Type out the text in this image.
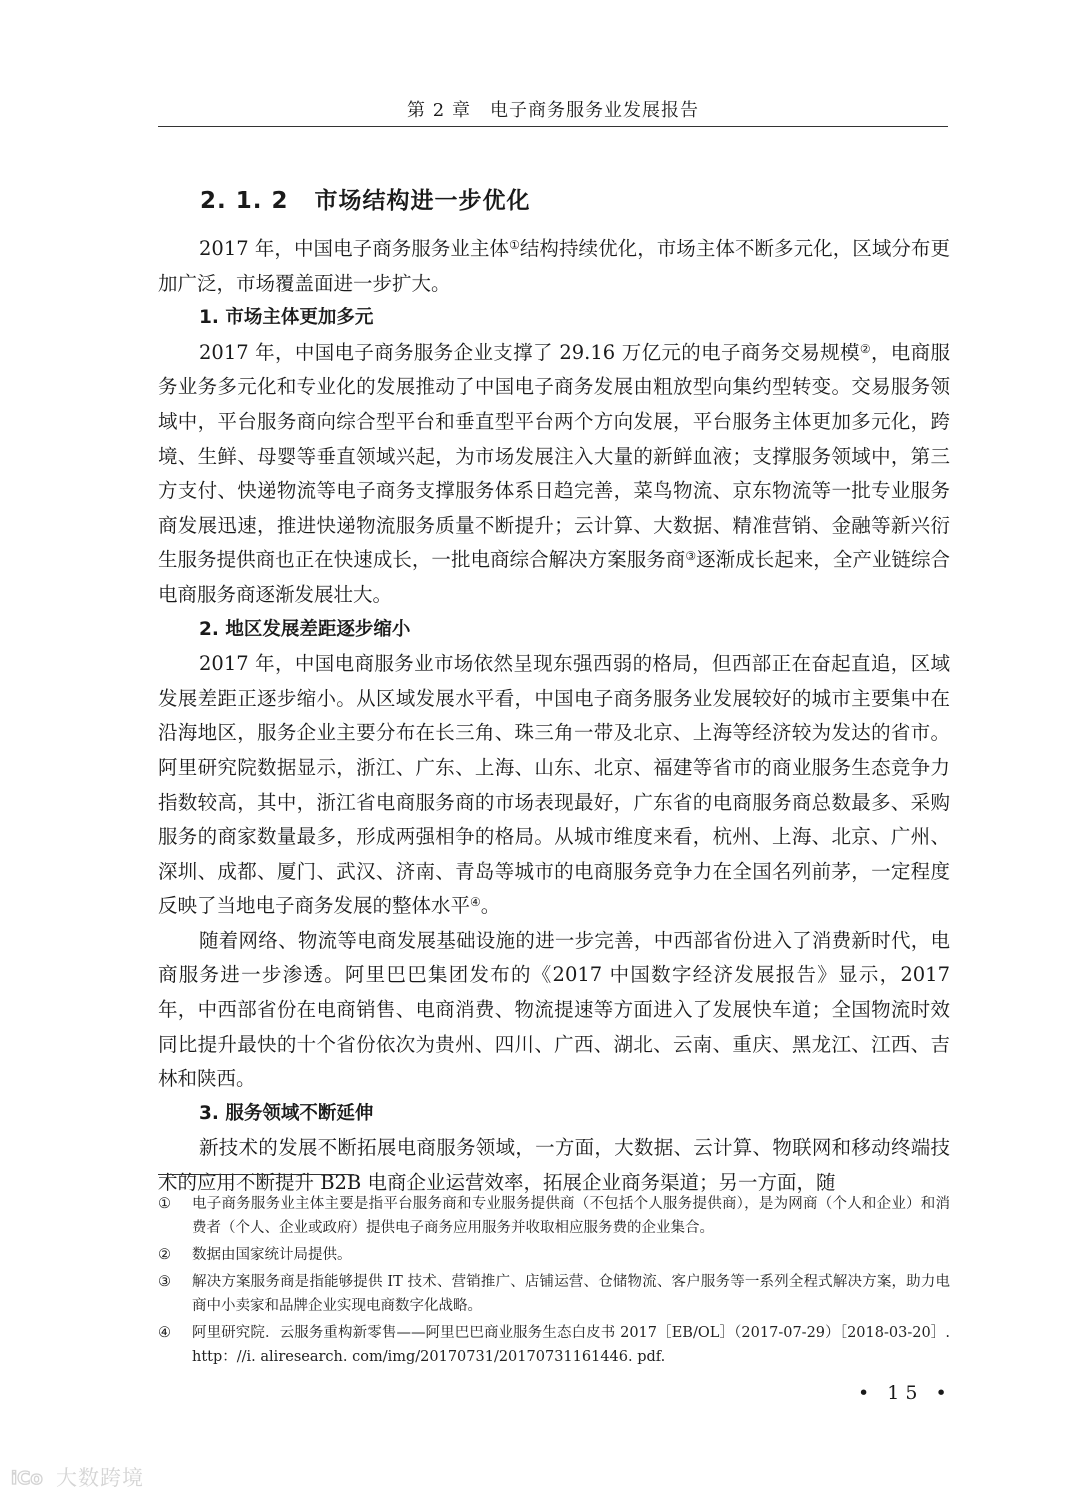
第 2 章　电子商务服务业发展报告
2. 1. 2 市场结构进一步优化

2017 年，中国电子商务服务业主体①结构持续优化，市场主体不断多元化，区域分布更加广泛，市场覆盖面进一步扩大。

1. 市场主体更加多元

2017 年，中国电子商务服务企业支撑了 29.16 万亿元的电子商务交易规模②，电商服务业务多元化和专业化的发展推动了中国电子商务发展由粗放型向集约型转变。交易服务领域中，平台服务商向综合型平台和垂直型平台两个方向发展，平台服务主体更加多元化，跨境、生鲜、母婴等垂直领域兴起，为市场发展注入大量的新鲜血液；支撑服务领域中，第三方支付、快递物流等电子商务支撑服务体系日趋完善，菜鸟物流、京东物流等一批专业服务商发展迅速，推进快递物流服务质量不断提升；云计算、大数据、精准营销、金融等新兴衍生服务提供商也正在快速成长，一批电商综合解决方案服务商③逐渐成长起来，全产业链综合电商服务商逐渐发展壮大。

2. 地区发展差距逐步缩小

2017 年，中国电商服务业市场依然呈现东强西弱的格局，但西部正在奋起直追，区域发展差距正逐步缩小。从区域发展水平看，中国电子商务服务业发展较好的城市主要集中在沿海地区，服务企业主要分布在长三角、珠三角一带及北京、上海等经济较为发达的省市。阿里研究院数据显示，浙江、广东、上海、山东、北京、福建等省市的商业服务生态竞争力指数较高，其中，浙江省电商服务商的市场表现最好，广东省的电商服务商总数最多、采购服务的商家数量最多，形成两强相争的格局。从城市维度来看，杭州、上海、北京、广州、深圳、成都、厦门、武汉、济南、青岛等城市的电商服务竞争力在全国名列前茅，一定程度反映了当地电子商务发展的整体水平④。

随着网络、物流等电商发展基础设施的进一步完善，中西部省份进入了消费新时代，电商服务进一步渗透。阿里巴巴集团发布的《2017 中国数字经济发展报告》显示，2017 年，中西部省份在电商销售、电商消费、物流提速等方面进入了发展快车道；全国物流时效同比提升最快的十个省份依次为贵州、四川、广西、湖北、云南、重庆、黑龙江、江西、吉林和陕西。

3. 服务领域不断延伸

新技术的发展不断拓展电商服务领域，一方面，大数据、云计算、物联网和移动终端技术的应用不断提升 B2B 电商企业运营效率，拓展企业商务渠道；另一方面，随

①	电子商务服务业主体主要是指平台服务商和专业服务提供商（不包括个人服务提供商），是为网商（个人和企业）和消费者（个人、企业或政府）提供电子商务应用服务并收取相应服务费的企业集合。
②	数据由国家统计局提供。
③	解决方案服务商是指能够提供 IT 技术、营销推广、店铺运营、仓储物流、客户服务等一系列全程式解决方案，助力电商中小卖家和品牌企业实现电商数字化战略。
④	阿里研究院．云服务重构新零售——阿里巴巴商业服务生态白皮书 2017［EB/OL］（2017-07-29）［2018-03-20］. http：//i. aliresearch. com/img/20170731/20170731161446. pdf.
• 15 •
iCo 大数跨境
